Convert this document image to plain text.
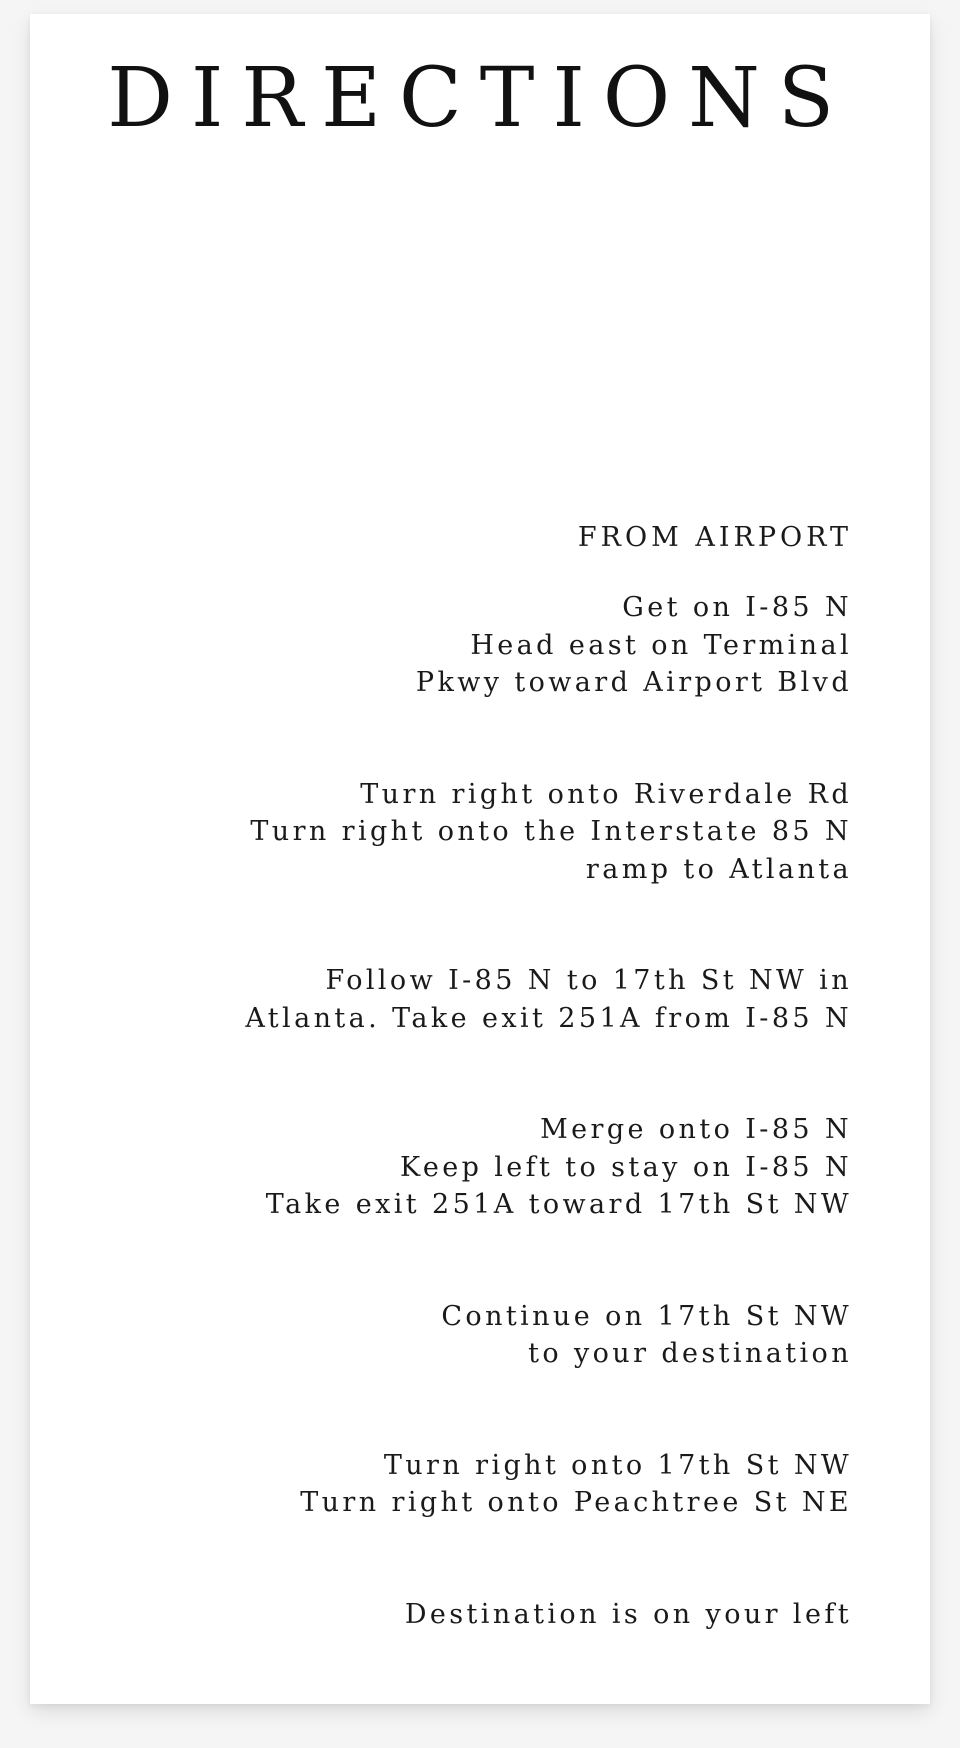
DIRECTIONS
FROM AIRPORT
Get on I-85 N
Head east on Terminal
Pkwy toward Airport Blvd
Turn right onto Riverdale Rd
Turn right onto the Interstate 85 N
ramp to Atlanta
Follow I-85 N to 17th St NW in
Atlanta. Take exit 251A from I-85 N
Merge onto I-85 N
Keep left to stay on I-85 N
Take exit 251A toward 17th St NW
Continue on 17th St NW
to your destination
Turn right onto 17th St NW
Turn right onto Peachtree St NE
Destination is on your left
